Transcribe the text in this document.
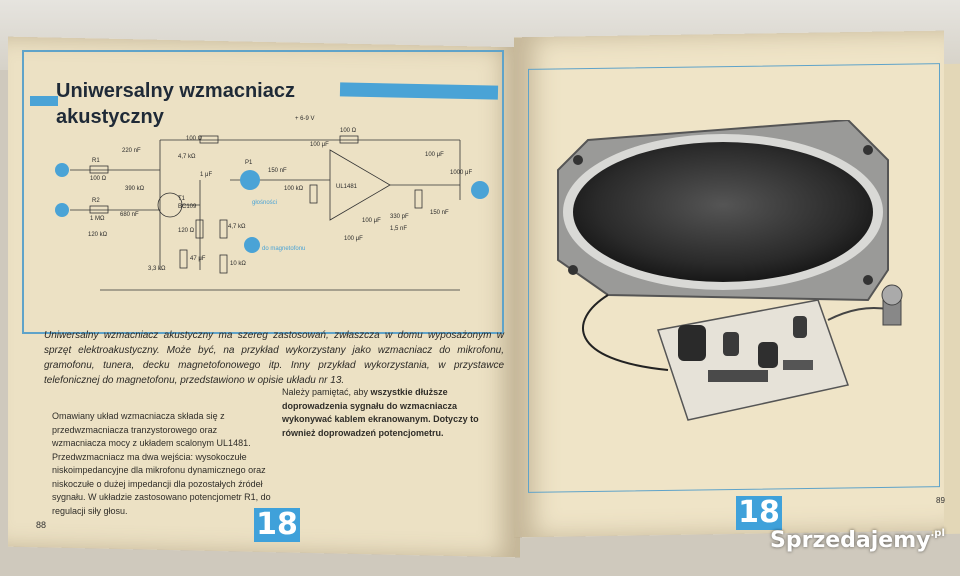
Uniwersalny wzmacniacz
akustyczny	+ 6-9 V
R1
100 Ω
R2
1 MΩ
390 kΩ
120 kΩ
4,7 kΩ
T1
BC109
120 Ω
3,3 kΩ
4,7 kΩ
10 kΩ
100 Ω
100 kΩ
100 Ω
UL1481
220 nF
680 nF
1 μF
47 μF
150 nF
100 μF
100 μF
100 μF
100 μF
330 pF
1,5 nF
150 nF
1000 μF
P1
głośności
do magnetofonu
Uniwersalny wzmacniacz akustyczny ma szereg zastosowań, zwłaszcza w domu wyposażonym w sprzęt elektroakustyczny. Może być, na przykład wykorzystany jako wzmacniacz do mikrofonu, gramofonu, tunera, decku magnetofonowego itp. Inny przykład wykorzystania, w przystawce telefonicznej do magnetofonu, przedstawiono w opisie układu nr 13.
Omawiany układ wzmacniacza składa się z przedwzmacniacza tranzystorowego oraz wzmacniacza mocy z układem scalonym UL1481. Przedwzmacniacz ma dwa wejścia: wysokoczułe niskoimpedancyjne dla mikrofonu dynamicznego oraz niskoczułe o dużej impedancji dla pozostałych źródeł sygnału. W układzie zastosowano potencjometr R1, do regulacji siły głosu.
Należy pamiętać, aby wszystkie dłuższe doprowadzenia sygnału do wzmacniacza wykonywać kablem ekranowanym. Dotyczy to również doprowadzeń potencjometru.
88	18
89
18
Sprzedajemy$^{.pl}$
